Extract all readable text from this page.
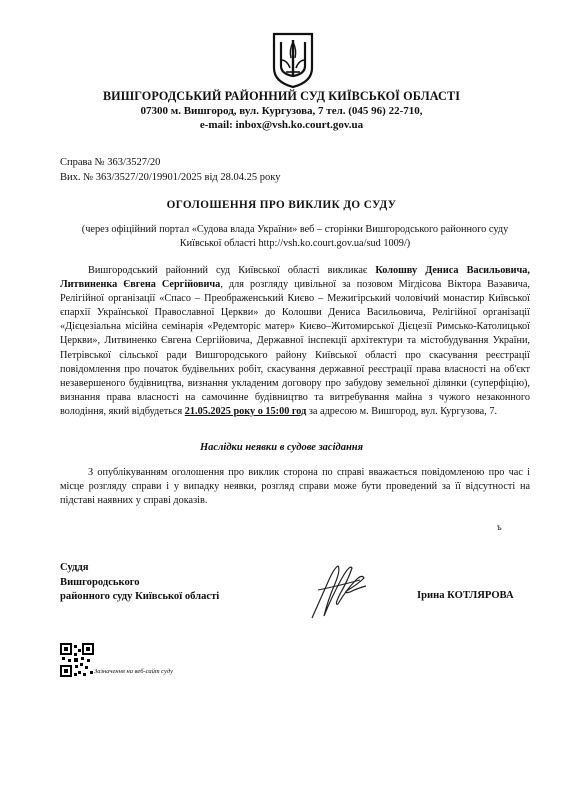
ВИШГОРОДСЬКИЙ РАЙОННИЙ СУД КИЇВСЬКОЇ ОБЛАСТІ
07300 м. Вишгород, вул. Кургузова, 7 тел. (045 96) 22-710,
e-mail: inbox@vsh.ko.court.gov.ua
Справа № 363/3527/20
Вих. № 363/3527/20/19901/2025 від 28.04.25 року
ОГОЛОШЕННЯ ПРО ВИКЛИК ДО СУДУ
(через офіційний портал «Судова влада України» веб – сторінки Вишгородського районного суду
Київської області http://vsh.ko.court.gov.ua/sud 1009/)

Вишгородський районний суд Київської області викликає Колошву Дениса Васильовича, Литвиненка Євгена Сергійовича, для розгляду цивільної за позовом Мігдісова Віктора Ваэавича, Релігійної організації «Спасо – Преображенський Києво – Межигірський чоловічий монастир Київської єпархії Української Православної Церкви» до Колошви Дениса Васильовича, Релігійної організації «Дієцезіальна місійна семінарія «Редемторіс матер» Києво–Житомирської Дієцезії Римсько-Католицької Церкви», Литвиненко Євгена Сергійовича, Державної інспекції архітектури та містобудування України, Петрівської сільської ради Вишгородського району Київської області про скасування реєстрації повідомлення про початок будівельних робіт, скасування державної реєстрації права власності на об'єкт незавершеного будівництва, визнання укладеним договору про забудову земельної ділянки (суперфіцію), визнання права власності на самочинне будівництво та витребування майна з чужого незаконного володіння, який відбудеться 21.05.2025 року о 15:00 год за адресою м. Вишгород, вул. Кургузова, 7.

Наслідки неявки в судове засідання

З опублікуванням оголошення про виклик сторона по справі вважається повідомленою про час і місце розгляду справи і у випадку неявки, розгляд справи може бути проведений за її відсутності на підставі наявних у справі доказів.

ъ
Суддя
Вишгородського
районного суду Київської області	Ірина КОТЛЯРОВА
Зазначення на веб-сайт суду
